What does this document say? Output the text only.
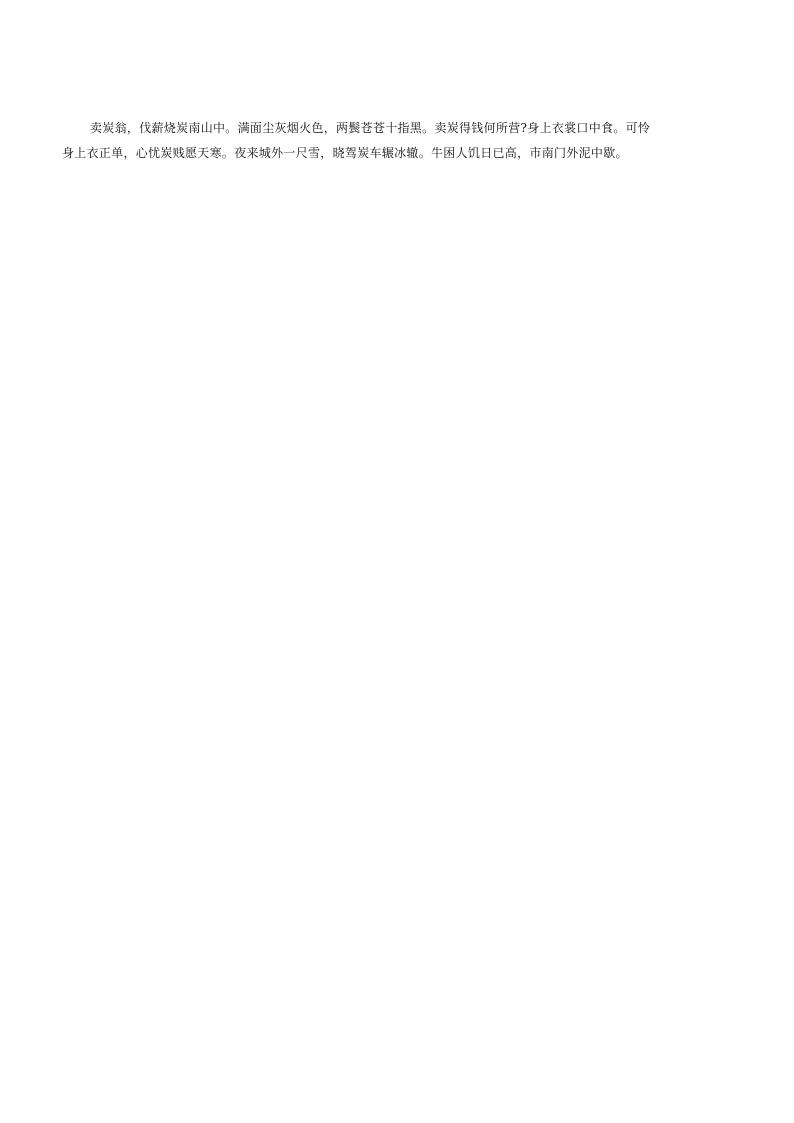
卖炭翁，伐薪烧炭南山中。满面尘灰烟火色，两鬓苍苍十指黑。卖炭得钱何所营?身上衣裳口中食。可怜
身上衣正单，心忧炭贱愿天寒。夜来城外一尺雪，晓驾炭车辗冰辙。牛困人饥日已高，市南门外泥中歇。
